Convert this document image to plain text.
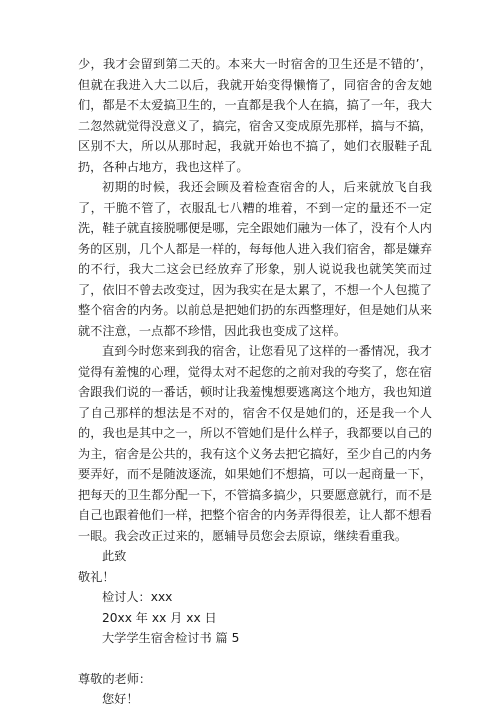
少，我才会留到第二天的。本来大一时宿舍的卫生还是不错的’，但就在我进入大二以后，我就开始变得懒惰了，同宿舍的舍友她们，都是不太爱搞卫生的，一直都是我个人在搞，搞了一年，我大二忽然就觉得没意义了，搞完，宿舍又变成原先那样，搞与不搞，区别不大，所以从那时起，我就开始也不搞了，她们衣服鞋子乱扔，各种占地方，我也这样了。

初期的时候，我还会顾及着检查宿舍的人，后来就放飞自我了，干脆不管了，衣服乱七八糟的堆着，不到一定的量还不一定洗，鞋子就直接脱哪便是哪，完全跟她们融为一体了，没有个人内务的区别，几个人都是一样的，每每他人进入我们宿舍，都是嫌弃的不行，我大二这会已经放弃了形象，别人说说我也就笑笑而过了，依旧不曾去改变过，因为我实在是太累了，不想一个人包揽了整个宿舍的内务。以前总是把她们扔的东西整理好，但是她们从来就不注意，一点都不珍惜，因此我也变成了这样。

直到今时您来到我的宿舍，让您看见了这样的一番情况，我才觉得有羞愧的心理，觉得太对不起您的之前对我的夸奖了，您在宿舍跟我们说的一番话，顿时让我羞愧想要逃离这个地方，我也知道了自己那样的想法是不对的，宿舍不仅是她们的，还是我一个人的，我也是其中之一，所以不管她们是什么样子，我都要以自己的为主，宿舍是公共的，我有这个义务去把它搞好，至少自己的内务要弄好，而不是随波逐流，如果她们不想搞，可以一起商量一下，把每天的卫生都分配一下，不管搞多搞少，只要愿意就行，而不是自己也跟着他们一样，把整个宿舍的内务弄得很差，让人都不想看一眼。我会改正过来的，愿辅导员您会去原谅，继续看重我。

此致

敬礼！

检讨人：xxx

20xx 年 xx 月 xx 日

大学学生宿舍检讨书 篇 5

尊敬的老师：

您好！
